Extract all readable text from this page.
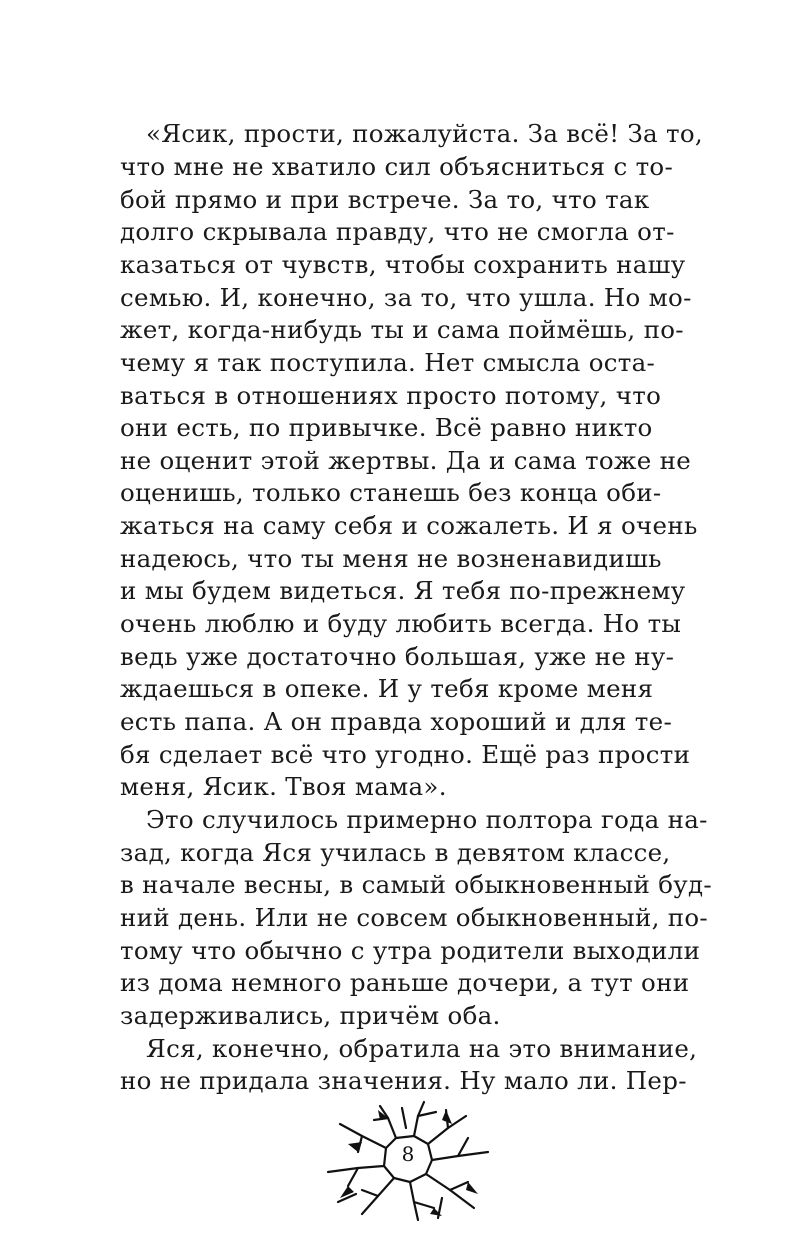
«Ясик, прости, пожалуйста. За всё! За то,
что мне не хватило сил объясниться с то-
бой прямо и при встрече. За то, что так
долго скрывала правду, что не смогла от-
казаться от чувств, чтобы сохранить нашу
семью. И, конечно, за то, что ушла. Но мо-
жет, когда-нибудь ты и сама поймёшь, по-
чему я так поступила. Нет смысла оста-
ваться в отношениях просто потому, что
они есть, по привычке. Всё равно никто
не оценит этой жертвы. Да и сама тоже не
оценишь, только станешь без конца оби-
жаться на саму себя и сожалеть. И я очень
надеюсь, что ты меня не возненавидишь
и мы будем видеться. Я тебя по-прежнему
очень люблю и буду любить всегда. Но ты
ведь уже достаточно большая, уже не ну-
ждаешься в опеке. И у тебя кроме меня
есть папа. А он правда хороший и для те-
бя сделает всё что угодно. Ещё раз прости
меня, Ясик. Твоя мама».
Это случилось примерно полтора года на-
зад, когда Яся училась в девятом классе,
в начале весны, в самый обыкновенный буд-
ний день. Или не совсем обыкновенный, по-
тому что обычно с утра родители выходили
из дома немного раньше дочери, а тут они
задерживались, причём оба.
Яся, конечно, обратила на это внимание,
но не придала значения. Ну мало ли. Пер-
8
